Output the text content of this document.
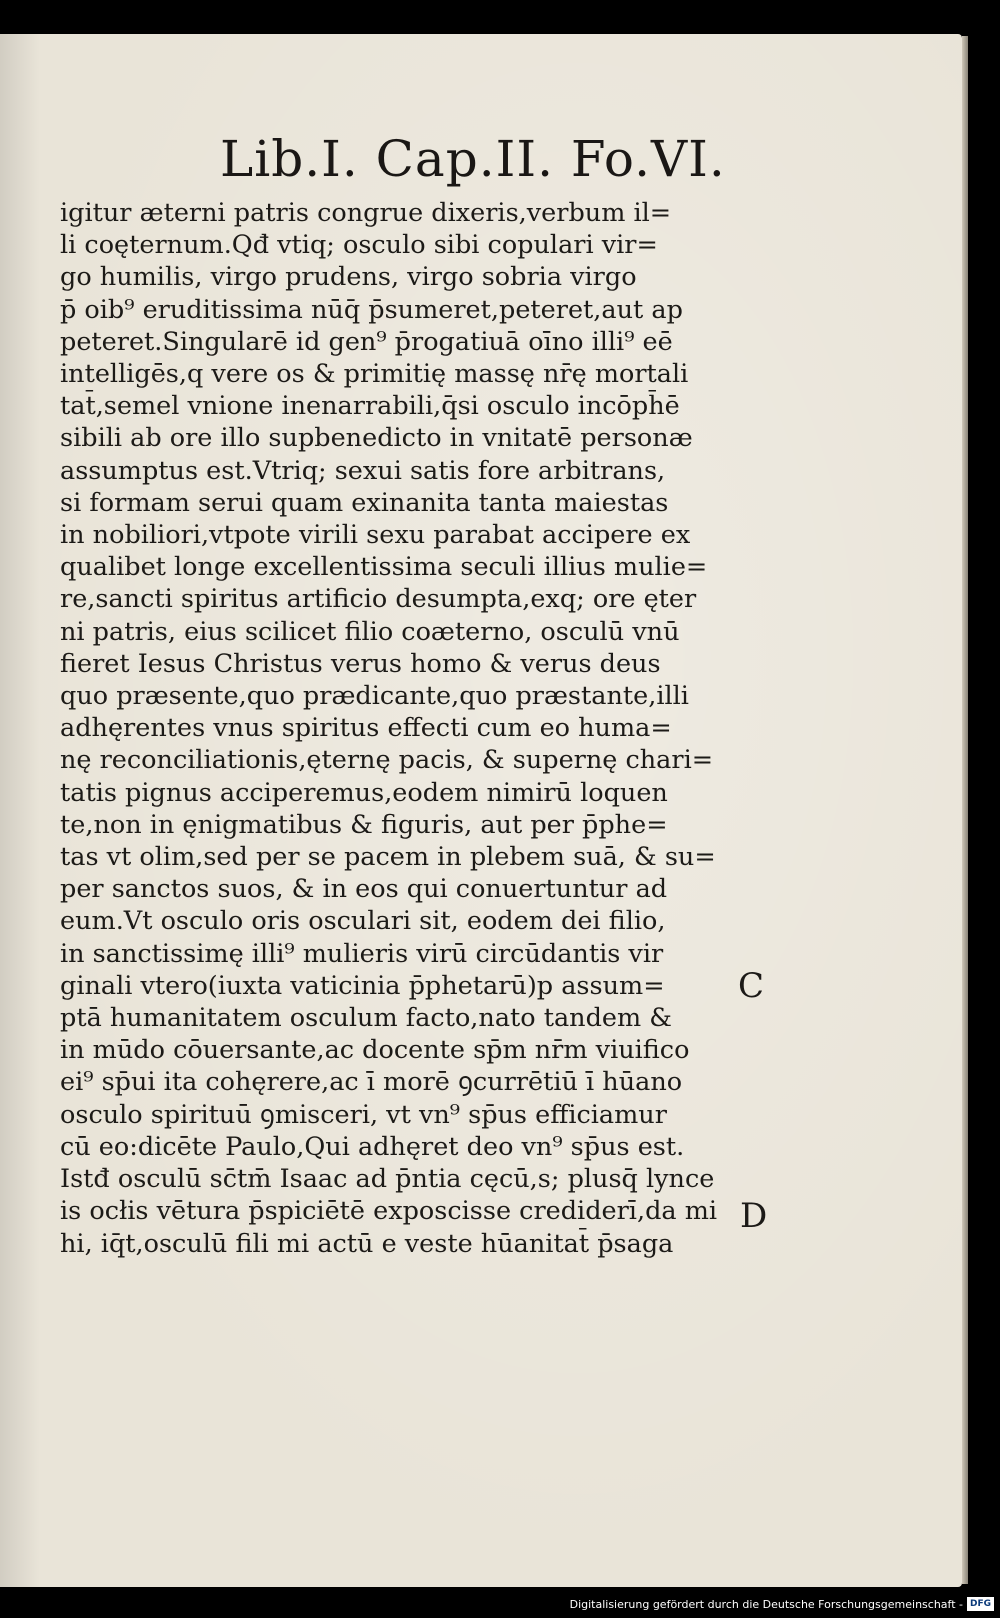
Lib.I. Cap.II. Fo.VI.
igitur æterni patris congrue dixeris,verbum il=
li coęternum.Qđ vtiq; osculo sibi copulari vir=
go humilis, virgo prudens, virgo sobria virgo
p̄ oib⁹ eruditissima nūq̄ p̄sumeret,peteret,aut ap
peteret.Singularē id gen⁹ p̄rogatiuā oīno illi⁹ eē
intelligēs,q vere os & primitię massę nr̄ę mortali
tat̄,semel vnione inenarrabili,q̄si osculo incōph̄ē
sibili ab ore illo supbenedicto in vnitatē personæ
assumptus est.Vtriq; sexui satis fore arbitrans,
si formam serui quam exinanita tanta maiestas
in nobiliori,vtpote virili sexu parabat accipere ex
qualibet longe excellentissima seculi illius mulie=
re,sancti spiritus artificio desumpta,exq; ore ęter
ni patris, eius scilicet filio coæterno, osculū vnū
fieret Iesus Christus verus homo & verus deus
quo præsente,quo prædicante,quo præstante,illi
adhęrentes vnus spiritus effecti cum eo huma=
nę reconciliationis,ęternę pacis, & supernę chari=
tatis pignus acciperemus,eodem nimirū loquen
te,non in ęnigmatibus & figuris, aut per p̄phe=
tas vt olim,sed per se pacem in plebem suā, & su=
per sanctos suos, & in eos qui conuertuntur ad
eum.Vt osculo oris osculari sit, eodem dei filio,
in sanctissimę illi⁹ mulieris virū circūdantis vir
ginali vtero(iuxta vaticinia p̄phetarū)p assum=
ptā humanitatem osculum facto,nato tandem &
in mūdo cōuersante,ac docente sp̄m nr̄m viuifico
ei⁹ sp̄ui ita cohęrere,ac ī morē ꝯcurrētiū ī hūano
osculo spirituū ꝯmisceri, vt vn⁹ sp̄us efficiamur
cū eo:dicēte Paulo,Qui adhęret deo vn⁹ sp̄us est.
Istđ osculū sc̄tm̄ Isaac ad p̄ntia cęcū,s; plusq̄ lynce
is ocłis vētura p̄spiciētē exposcisse crediderī,da mi
hi, iq̄t,osculū fili mi actū e veste hūanitat̄ p̄saga
C
D
Digitalisierung gefördert durch die Deutsche Forschungsgemeinschaft - DFG
